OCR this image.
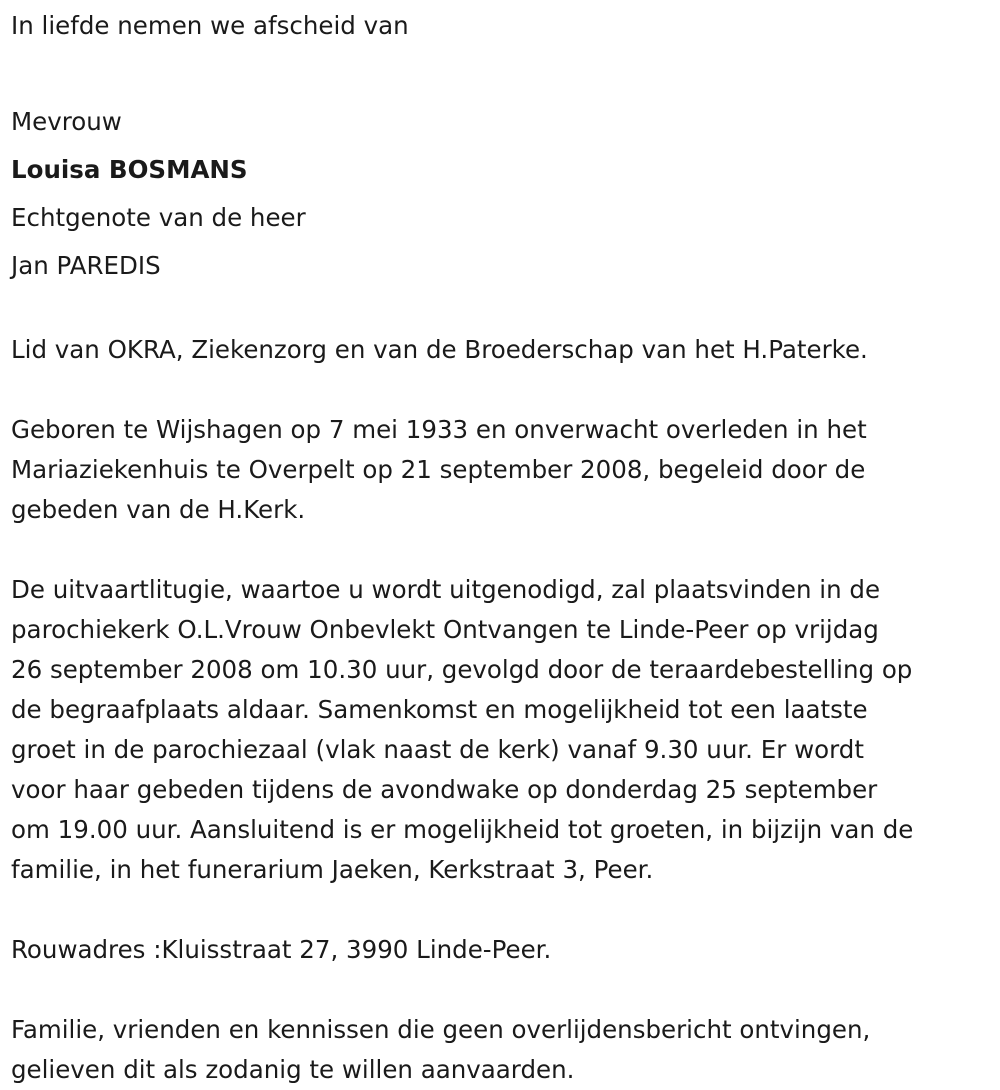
In liefde nemen we afscheid van
Mevrouw
Louisa BOSMANS
Echtgenote van de heer
Jan PAREDIS
Lid van OKRA, Ziekenzorg en van de Broederschap van het H.Paterke.
Geboren te Wijshagen op 7 mei 1933 en onverwacht overleden in het
Mariaziekenhuis te Overpelt op 21 september 2008, begeleid door de
gebeden van de H.Kerk.
De uitvaartlitugie, waartoe u wordt uitgenodigd, zal plaatsvinden in de
parochiekerk O.L.Vrouw Onbevlekt Ontvangen te Linde-Peer op vrijdag
26 september 2008 om 10.30 uur, gevolgd door de teraardebestelling op
de begraafplaats aldaar. Samenkomst en mogelijkheid tot een laatste
groet in de parochiezaal (vlak naast de kerk) vanaf 9.30 uur. Er wordt
voor haar gebeden tijdens de avondwake op donderdag 25 september
om 19.00 uur. Aansluitend is er mogelijkheid tot groeten, in bijzijn van de
familie, in het funerarium Jaeken, Kerkstraat 3, Peer.
Rouwadres :Kluisstraat 27, 3990 Linde-Peer.
Familie, vrienden en kennissen die geen overlijdensbericht ontvingen,
gelieven dit als zodanig te willen aanvaarden.
